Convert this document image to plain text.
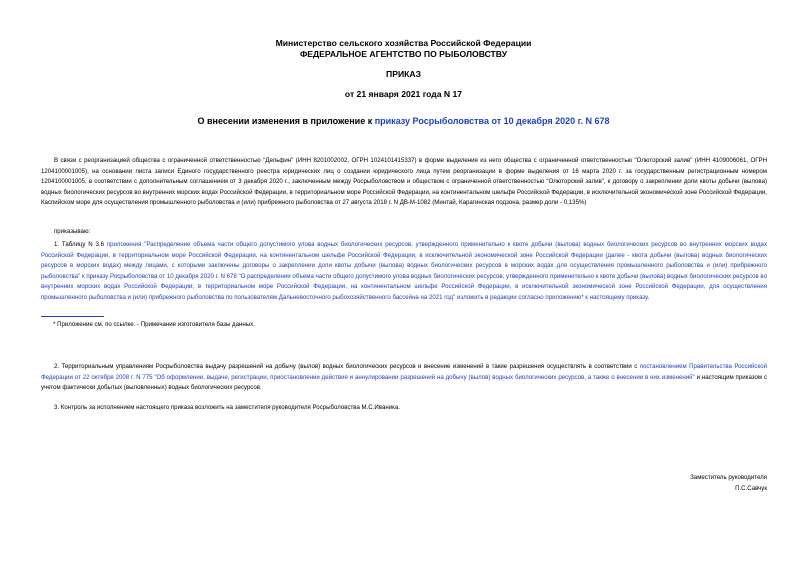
Министерство сельского хозяйства Российской Федерации
ФЕДЕРАЛЬНОЕ АГЕНТСТВО ПО РЫБОЛОВСТВУ
ПРИКАЗ
от 21 января 2021 года N 17
О внесении изменения в приложение к приказу Росрыболовства от 10 декабря 2020 г. N 678
В связи с реорганизацией общества с ограниченной ответственностью "Дельфин" (ИНН 8201002002, ОГРН 1024101415337) в форме выделения из него общества с ограниченной ответственностью "Олюторский залив" (ИНН 4109006061, ОГРН 1204100001005), на основании листа записи Единого государственного реестра юридических лиц о создании юридического лица путем реорганизации в форме выделения от 16 марта 2020 г. за государственным регистрационным номером 1204100001005, в соответствии с дополнительным соглашением от 3 декабря 2020 г., заключенным между Росрыболовством и обществом с ограниченной ответственностью "Олюторский залив", к договору о закреплении доли квоты добычи (вылова) водных биологических ресурсов во внутренних морских водах Российской Федерации, в территориальном море Российской Федерации, на континентальном шельфе Российской Федерации, в исключительной экономической зоне Российской Федерации, Каспийском море для осуществления промышленного рыболовства и (или) прибрежного рыболовства от 27 августа 2018 г. N ДВ-М-1082 (Минтай, Карагинская подзона, размер доли - 0,135%)
приказываю:
1. Таблицу N 3.6 приложения "Распределение объема части общего допустимого улова водных биологических ресурсов, утвержденного применительно к квоте добычи (вылова) водных биологических ресурсов во внутренних морских водах Российской Федерации, в территориальном море Российской Федерации, на континентальном шельфе Российской Федерации, в исключительной экономической зоне Российской Федерации (далее - квота добычи (вылова) водных биологических ресурсов в морских водах) между лицами, с которыми заключены договоры о закреплении доли квоты добычи (вылова) водных биологических ресурсов в морских водах для осуществления промышленного рыболовства и (или) прибрежного рыболовства" к приказу Росрыболовства от 10 декабря 2020 г. N 678 "О распределении объема части общего допустимого улова водных биологических ресурсов, утвержденного применительно к квоте добычи (вылова) водных биологических ресурсов во внутренних морских водах Российской Федерации, в территориальном море Российской Федерации, на континентальном шельфе Российской Федерации, в исключительной экономической зоне Российской Федерации, для осуществления промышленного рыболовства и (или) прибрежного рыболовства по пользователям Дальневосточного рыбохозяйственного бассейна на 2021 год" изложить в редакции согласно приложению* к настоящему приказу.
* Приложение см. по ссылке. - Примечание изготовителя базы данных.
2. Территориальным управлениям Росрыболовства выдачу разрешений на добычу (вылов) водных биологических ресурсов и внесение изменений в такие разрешения осуществлять в соответствии с постановлением Правительства Российской Федерации от 22 октября 2008 г. N 775 "Об оформлении, выдаче, регистрации, приостановлении действия и аннулировании разрешений на добычу (вылов) водных биологических ресурсов, а также о внесении в них изменений" и настоящим приказом с учетом фактически добытых (выловленных) водных биологических ресурсов.
3. Контроль за исполнением настоящего приказа возложить на заместителя руководителя Росрыболовства М.С.Иваника.
Заместитель руководителя
П.С.Савчук
